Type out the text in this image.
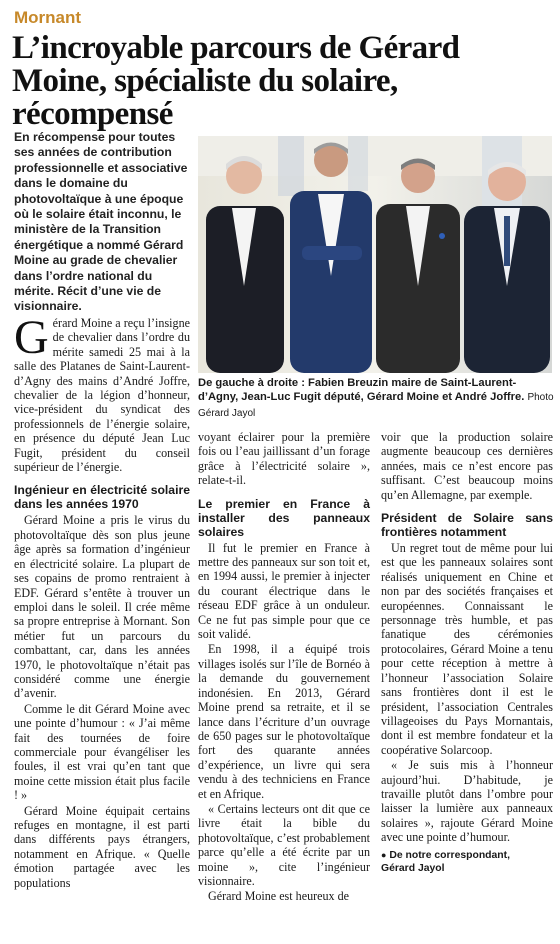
Mornant
L’incroyable parcours de Gérard Moine, spécialiste du solaire, récompensé
En récompense pour toutes ses années de contribution professionnelle et associative dans le domaine du photovoltaïque à une époque où le solaire était inconnu, le ministère de la Transition énergétique a nommé Gérard Moine au grade de chevalier dans l’ordre national du mérite. Récit d’une vie de visionnaire.
De gauche à droite : Fabien Breuzin maire de Saint-Laurent-d’Agny, Jean-Luc Fugit député, Gérard Moine et André Joffre. Photo Gérard Jayol

Gérard Moine a reçu l’insigne de chevalier dans l’ordre du mérite samedi 25 mai à la salle des Platanes de Saint-Laurent-d’Agny des mains d’André Joffre, chevalier de la légion d’honneur, vice-président du syndicat des professionnels de l’énergie solaire, en présence du député Jean Luc Fugit, président du conseil supérieur de l’énergie.

Ingénieur en électricité solaire dans les années 1970

Gérard Moine a pris le virus du photovoltaïque dès son plus jeune âge après sa formation d’ingénieur en électricité solaire. La plupart de ses copains de promo rentraient à EDF. Gérard s’entête à trouver un emploi dans le soleil. Il crée même sa propre entreprise à Mornant. Son métier fut un parcours du combattant, car, dans les années 1970, le photovoltaïque n’était pas considéré comme une énergie d’avenir.

Comme le dit Gérard Moine avec une pointe d’humour : « J’ai même fait des tournées de foire commerciale pour évangéliser les foules, il est vrai qu’en tant que moine cette mission était plus facile ! »

Gérard Moine équipait certains refuges en montagne, il est parti dans différents pays étrangers, notamment en Afrique. « Quelle émotion partagée avec les populations

voyant éclairer pour la première fois ou l’eau jaillissant d’un forage grâce à l’électricité solaire », relate-t-il.

Le premier en France à installer des panneaux solaires

Il fut le premier en France à mettre des panneaux sur son toit et, en 1994 aussi, le premier à injecter du courant électrique dans le réseau EDF grâce à un onduleur. Ce ne fut pas simple pour que ce soit validé.

En 1998, il a équipé trois villages isolés sur l’île de Bornéo à la demande du gouvernement indonésien. En 2013, Gérard Moine prend sa retraite, et il se lance dans l’écriture d’un ouvrage de 650 pages sur le photovoltaïque fort des quarante années d’expérience, un livre qui sera vendu à des techniciens en France et en Afrique.

« Certains lecteurs ont dit que ce livre était la bible du photovoltaïque, c’est probablement parce qu’elle a été écrite par un moine », cite l’ingénieur visionnaire.

Gérard Moine est heureux de

voir que la production solaire augmente beaucoup ces dernières années, mais ce n’est encore pas suffisant. C’est beaucoup moins qu’en Allemagne, par exemple.

Président de Solaire sans frontières notamment

Un regret tout de même pour lui est que les panneaux solaires sont réalisés uniquement en Chine et non par des sociétés françaises et européennes. Connaissant le personnage très humble, et pas fanatique des cérémonies protocolaires, Gérard Moine a tenu pour cette réception à mettre à l’honneur l’association Solaire sans frontières dont il est le président, l’association Centrales villageoises du Pays Mornantais, dont il est membre fondateur et la coopérative Solarcoop.

« Je suis mis à l’honneur aujourd’hui. D’habitude, je travaille plutôt dans l’ombre pour laisser la lumière aux panneaux solaires », rajoute Gérard Moine avec une pointe d’humour.

● De notre correspondant,
Gérard Jayol
